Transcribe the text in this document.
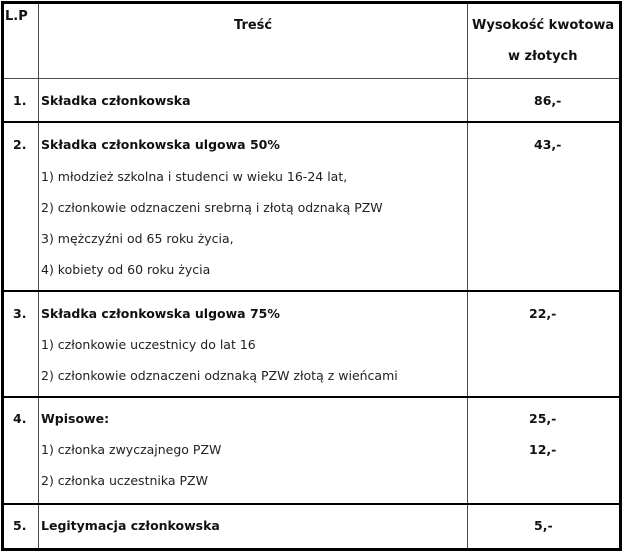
L.P
Treść	Wysokość kwotowa
w złotych
1. Składka członkowska	86,-
2. Składka członkowska ulgowa 50%	43,-
1) młodzież szkolna i studenci w wieku 16-24 lat,
2) członkowie odznaczeni srebrną i złotą odznaką PZW
3) mężczyźni od 65 roku życia,
4) kobiety od 60 roku życia
3. Składka członkowska ulgowa 75%	22,-
1) członkowie uczestnicy do lat 16
2) członkowie odznaczeni odznaką PZW złotą z wieńcami
4. Wpisowe:	25,-
1) członka zwyczajnego PZW	12,-
2) członka uczestnika PZW
5. Legitymacja członkowska	5,-
